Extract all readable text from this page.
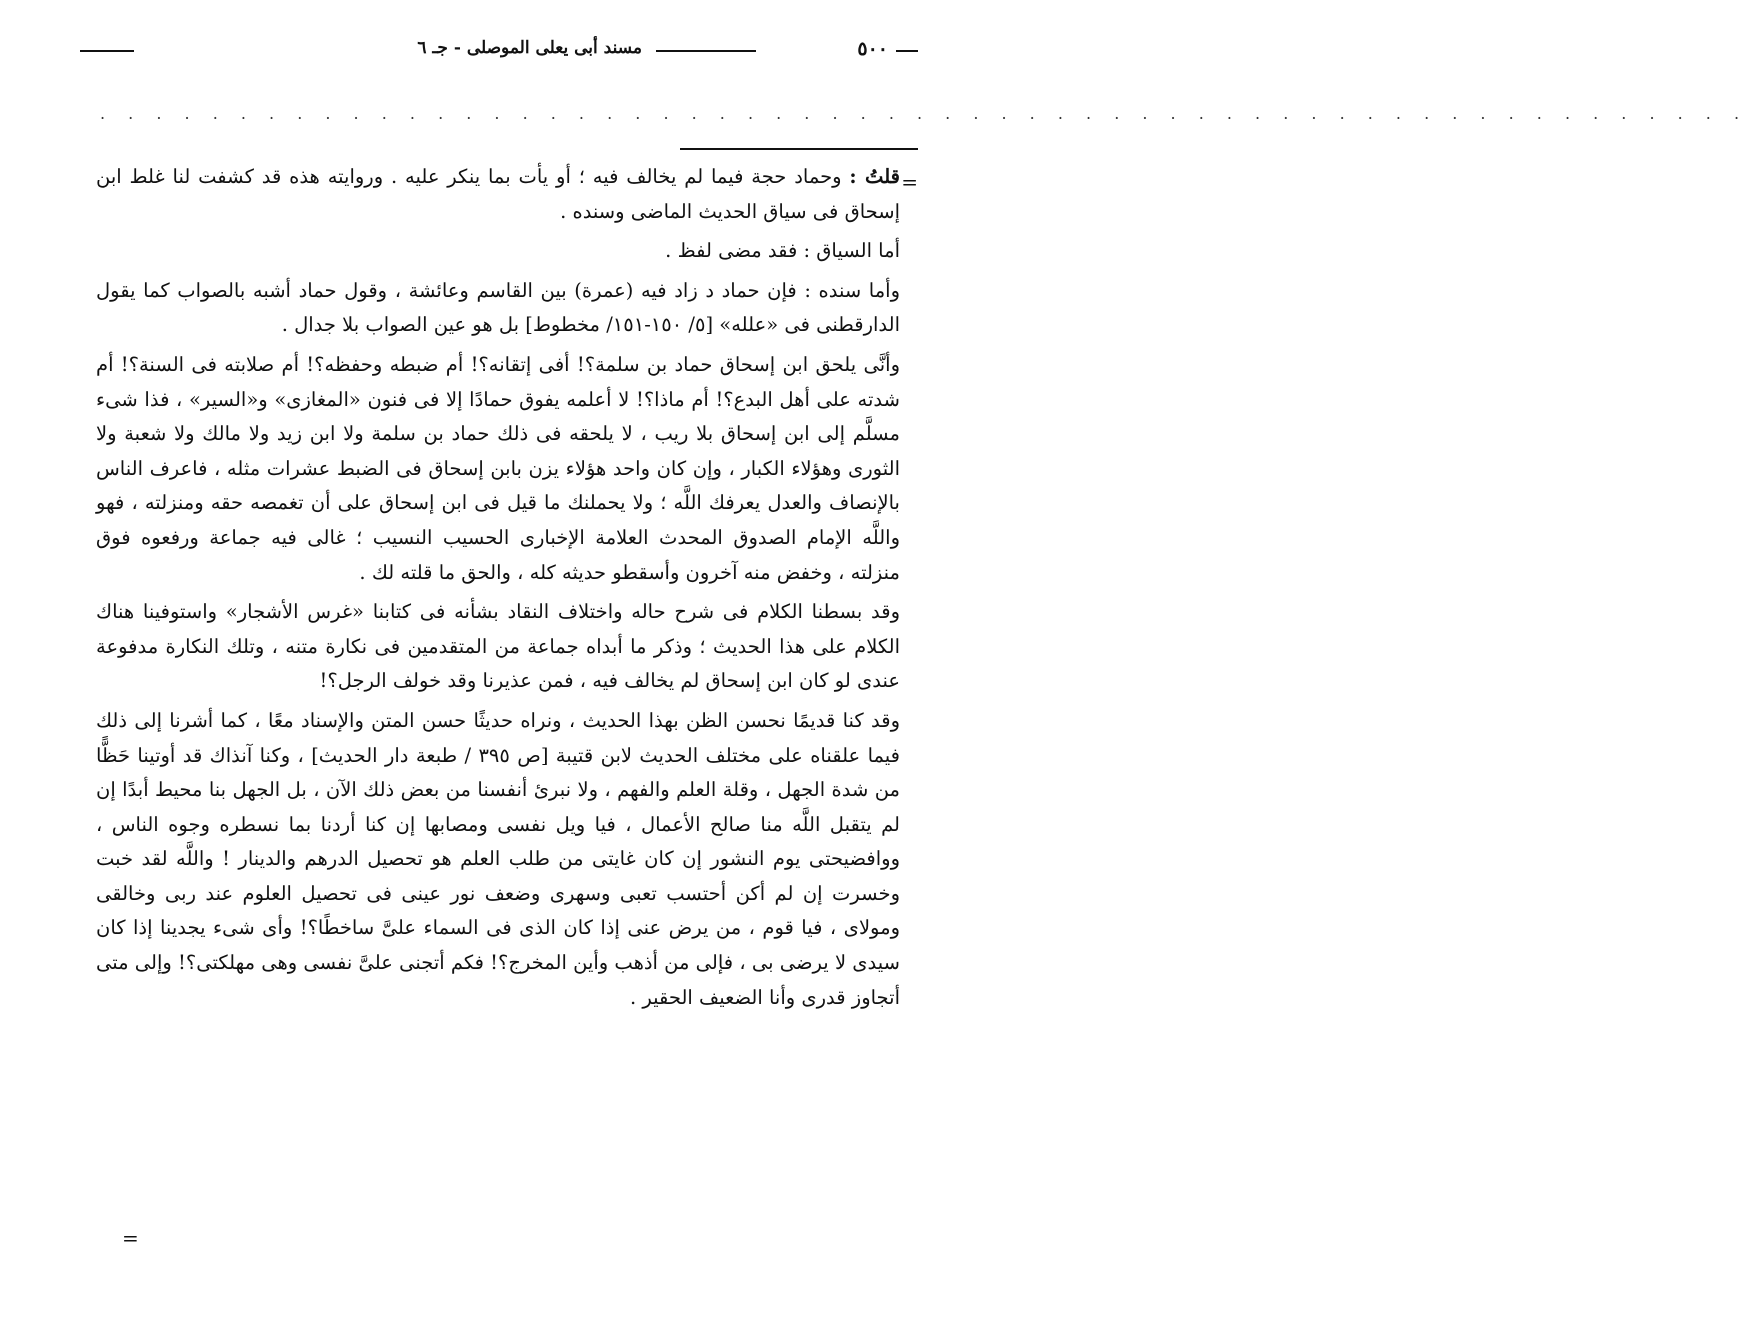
٥٠٠
مسند أبى يعلى الموصلى - جـ ٦
. . . . . . . . . . . . . . . . . . . . . . . . . . . . . . . . . . . . . . . . . . . . . . . . . . . . . . . . . . .
=

قلتُ : وحماد حجة فيما لم يخالف فيه ؛ أو يأت بما ينكر عليه . وروايته هذه قد كشفت لنا غلط ابن إسحاق فى سياق الحديث الماضى وسنده .

أما السياق : فقد مضى لفظ .

وأما سنده : فإن حماد د زاد فيه (عمرة) بين القاسم وعائشة ، وقول حماد أشبه بالصواب كما يقول الدارقطنى فى «علله» [٥/ ١٥٠-١٥١/ مخطوط] بل هو عين الصواب بلا جدال .

وأنَّى يلحق ابن إسحاق حماد بن سلمة؟! أفى إتقانه؟! أم ضبطه وحفظه؟! أم صلابته فى السنة؟! أم شدته على أهل البدع؟! أم ماذا؟! لا أعلمه يفوق حمادًا إلا فى فنون «المغازى» و«السير» ، فذا شىء مسلَّم إلى ابن إسحاق بلا ريب ، لا يلحقه فى ذلك حماد بن سلمة ولا ابن زيد ولا مالك ولا شعبة ولا الثورى وهؤلاء الكبار ، وإن كان واحد هؤلاء يزن بابن إسحاق فى الضبط عشرات مثله ، فاعرف الناس بالإنصاف والعدل يعرفك اللَّه ؛ ولا يحملنك ما قيل فى ابن إسحاق على أن تغمصه حقه ومنزلته ، فهو واللَّه الإمام الصدوق المحدث العلامة الإخبارى الحسيب النسيب ؛ غالى فيه جماعة ورفعوه فوق منزلته ، وخفض منه آخرون وأسقطو حديثه كله ، والحق ما قلته لك .

وقد بسطنا الكلام فى شرح حاله واختلاف النقاد بشأنه فى كتابنا «غرس الأشجار» واستوفينا هناك الكلام على هذا الحديث ؛ وذكر ما أبداه جماعة من المتقدمين فى نكارة متنه ، وتلك النكارة مدفوعة عندى لو كان ابن إسحاق لم يخالف فيه ، فمن عذيرنا وقد خولف الرجل؟!

وقد كنا قديمًا نحسن الظن بهذا الحديث ، ونراه حديثًا حسن المتن والإسناد معًا ، كما أشرنا إلى ذلك فيما علقناه على مختلف الحديث لابن قتيبة [ص ٣٩٥ / طبعة دار الحديث] ، وكنا آنذاك قد أوتينا حَظًّا من شدة الجهل ، وقلة العلم والفهم ، ولا نبرئ أنفسنا من بعض ذلك الآن ، بل الجهل بنا محيط أبدًا إن لم يتقبل اللَّه منا صالح الأعمال ، فيا ويل نفسى ومصابها إن كنا أردنا بما نسطره وجوه الناس ، ووافضيحتى يوم النشور إن كان غايتى من طلب العلم هو تحصيل الدرهم والدينار ! واللَّه لقد خبت وخسرت إن لم أكن أحتسب تعبى وسهرى وضعف نور عينى فى تحصيل العلوم عند ربى وخالقى ومولاى ، فيا قوم ، من يرض عنى إذا كان الذى فى السماء علىَّ ساخطًا؟! وأى شىء يجدينا إذا كان سيدى لا يرضى بى ، فإلى من أذهب وأين المخرج؟! فكم أتجنى علىَّ نفسى وهى مهلكتى؟! وإلى متى أتجاوز قدرى وأنا الضعيف الحقير .

=
